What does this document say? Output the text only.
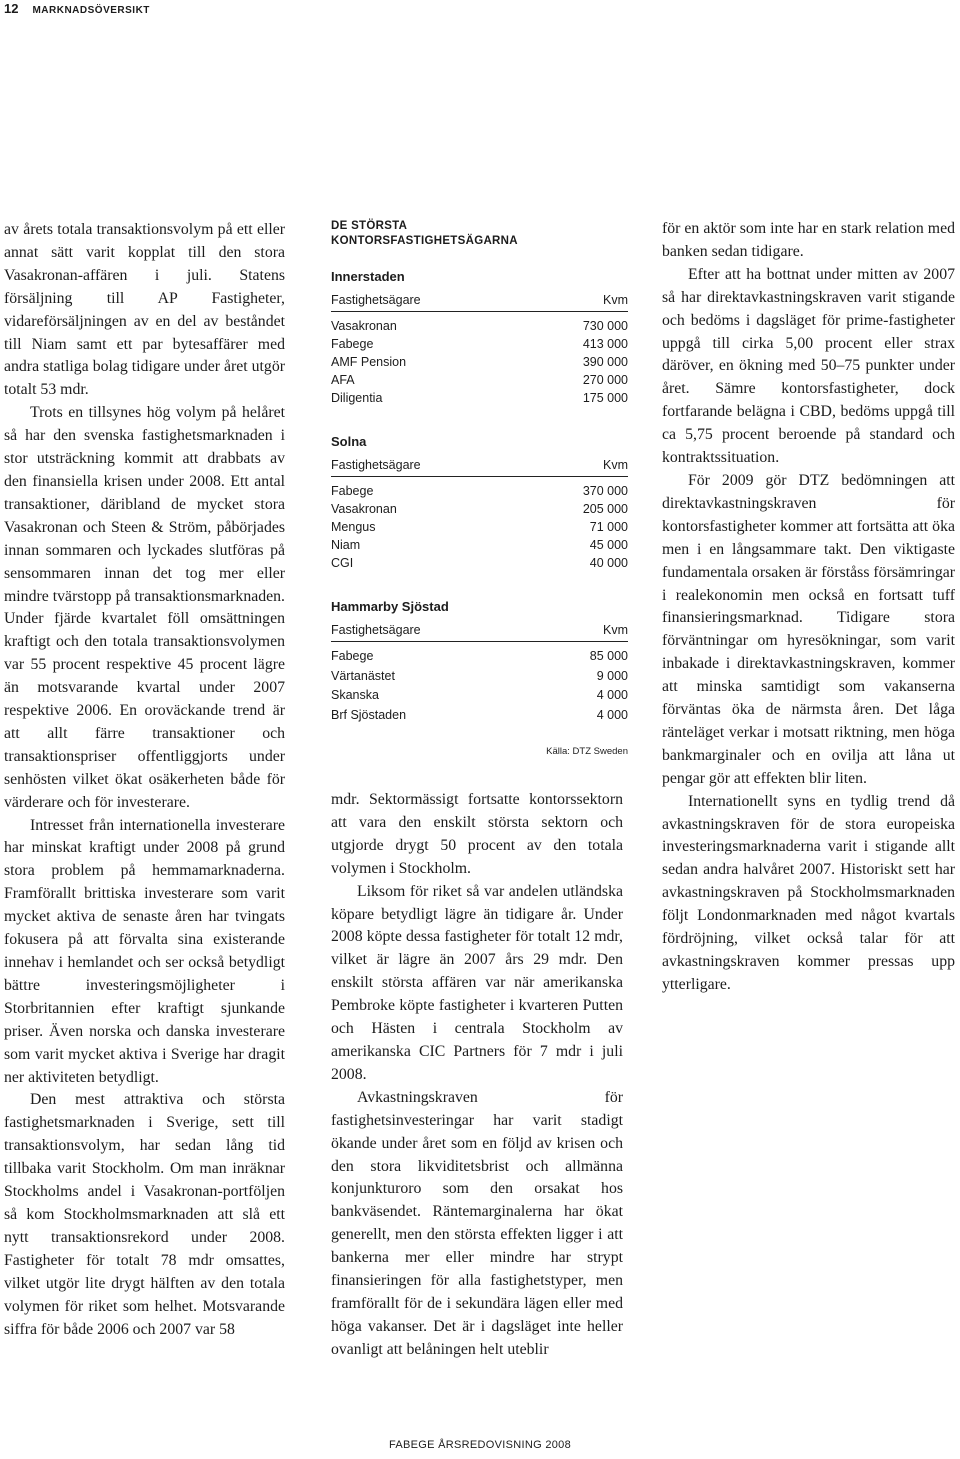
12 MARKNADSÖVERSIKT

av årets totala transaktionsvolym på ett eller annat sätt varit kopplat till den stora Vasakronan-affären i juli. Statens försäljning till AP Fastigheter, vidareförsäljningen av en del av beståndet till Niam samt ett par bytesaffärer med andra statliga bolag tidigare under året utgör totalt 53 mdr.

Trots en tillsynes hög volym på helåret så har den svenska fastighetsmarknaden i stor utsträckning kommit att drabbats av den finansiella krisen under 2008. Ett antal transaktioner, däribland de mycket stora Vasakronan och Steen & Ström, påbörjades innan sommaren och lyckades slutföras på sensommaren innan det tog mer eller mindre tvärstopp på transaktionsmarknaden. Under fjärde kvartalet föll omsättningen kraftigt och den totala transaktionsvolymen var 55 procent respektive 45 procent lägre än motsvarande kvartal under 2007 respektive 2006. En oroväckande trend är att allt färre transaktioner och transaktionspriser offentliggjorts under senhösten vilket ökat osäkerheten både för värderare och för investerare.

Intresset från internationella investerare har minskat kraftigt under 2008 på grund stora problem på hemmamarknaderna. Framförallt brittiska investerare som varit mycket aktiva de senaste åren har tvingats fokusera på att förvalta sina existerande innehav i hemlandet och ser också betydligt bättre investeringsmöjligheter i Storbritannien efter kraftigt sjunkande priser. Även norska och danska investerare som varit mycket aktiva i Sverige har dragit ner aktiviteten betydligt.

Den mest attraktiva och största fastighetsmarknaden i Sverige, sett till transaktionsvolym, har sedan lång tid tillbaka varit Stockholm. Om man inräknar Stockholms andel i Vasakronan-portföljen så kom Stockholmsmarknaden att slå ett nytt transaktionsrekord under 2008. Fastigheter för totalt 78 mdr omsattes, vilket utgör lite drygt hälften av den totala volymen för riket som helhet. Motsvarande siffra för både 2006 och 2007 var 58

DE STÖRSTA
KONTORSFASTIGHETSÄGARNA
Innerstaden
Fastighetsägare	Kvm
Vasakronan	730 000
Fabege	413 000
AMF Pension	390 000
AFA	270 000
Diligentia	175 000
Solna
Fastighetsägare	Kvm
Fabege	370 000
Vasakronan	205 000
Mengus	71 000
Niam	45 000
CGI	40 000
Hammarby Sjöstad
Fastighetsägare	Kvm
Fabege	85 000
Värtanästet	9 000
Skanska	4 000
Brf Sjöstaden	4 000
Källa: DTZ Sweden

mdr. Sektormässigt fortsatte kontorssektorn att vara den enskilt största sektorn och utgjorde drygt 50 procent av den totala volymen i Stockholm.

Liksom för riket så var andelen utländska köpare betydligt lägre än tidigare år. Under 2008 köpte dessa fastigheter för totalt 12 mdr, vilket är lägre än 2007 års 29 mdr. Den enskilt största affären var när amerikanska Pembroke köpte fastigheter i kvarteren Putten och Hästen i centrala Stockholm av amerikanska CIC Partners för 7 mdr i juli 2008.

Avkastningskraven för fastighetsinvesteringar har varit stadigt ökande under året som en följd av krisen och den stora likviditetsbrist och allmänna konjunkturoro som den orsakat hos bankväsendet. Räntemarginalerna har ökat generellt, men den största effekten ligger i att bankerna mer eller mindre har strypt finansieringen för alla fastighetstyper, men framförallt för de i sekundära lägen eller med höga vakanser. Det är i dagsläget inte heller ovanligt att belåningen helt uteblir

för en aktör som inte har en stark relation med banken sedan tidigare.

Efter att ha bottnat under mitten av 2007 så har direktavkastningskraven varit stigande och bedöms i dagsläget för prime-fastigheter uppgå till cirka 5,00 procent eller strax däröver, en ökning med 50–75 punkter under året. Sämre kontorsfastigheter, dock fortfarande belägna i CBD, bedöms uppgå till ca 5,75 procent beroende på standard och kontraktssituation.

För 2009 gör DTZ bedömningen att direktavkastningskraven för kontorsfastigheter kommer att fortsätta att öka men i en långsammare takt. Den viktigaste fundamentala orsaken är förståss försämringar i realekonomin men också en fortsatt tuff finansieringsmarknad. Tidigare stora förväntningar om hyresökningar, som varit inbakade i direktavkastningskraven, kommer att minska samtidigt som vakanserna förväntas öka de närmsta åren. Det låga ränteläget verkar i motsatt riktning, men höga bankmarginaler och en ovilja att låna ut pengar gör att effekten blir liten.

Internationellt syns en tydlig trend då avkastningskraven för de stora europeiska investeringsmarknaderna varit i stigande allt sedan andra halvåret 2007. Historiskt sett har avkastningskraven på Stockholmsmarknaden följt Londonmarknaden med något kvartals fördröjning, vilket också talar för att avkastningskraven kommer pressas upp ytterligare.

FABEGE ÅRSREDOVISNING 2008
